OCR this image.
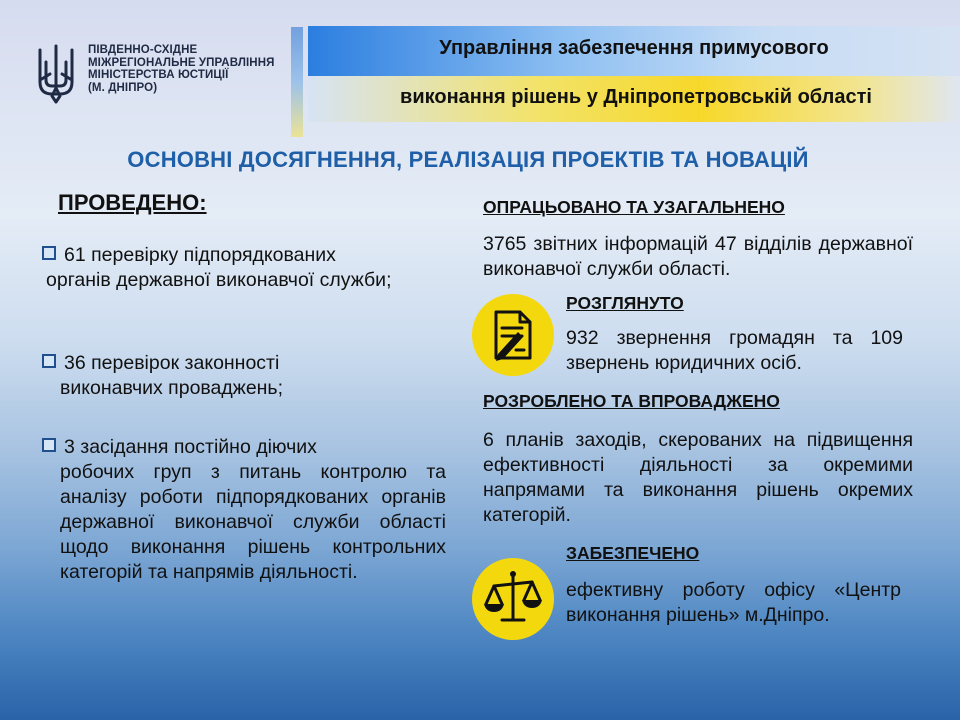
ПІВДЕННО-СХІДНЕ
МІЖРЕГІОНАЛЬНЕ УПРАВЛІННЯ
МІНІСТЕРСТВА ЮСТИЦІЇ
(М. ДНІПРО)
Управління забезпечення примусового
виконання рішень у Дніпропетровській області
ОСНОВНІ ДОСЯГНЕННЯ, РЕАЛІЗАЦІЯ ПРОЕКТІВ ТА НОВАЦІЙ
ПРОВЕДЕНО:
61 перевірку підпорядкованих
органів державної виконавчої служби;
36 перевірок законності
виконавчих проваджень;
3 засідання постійно діючих
робочих груп з питань контролю та аналізу роботи підпорядкованих органів державної виконавчої служби області щодо виконання рішень контрольних категорій та напрямів діяльності.
ОПРАЦЬОВАНО ТА УЗАГАЛЬНЕНО
3765 звітних інформацій 47 відділів державної виконавчої служби області.
РОЗГЛЯНУТО
932 звернення громадян та 109 звернень юридичних осіб.
РОЗРОБЛЕНО ТА ВПРОВАДЖЕНО
6 планів заходів, скерованих на підвищення ефективності діяльності за окремими напрямами та виконання рішень окремих категорій.
ЗАБЕЗПЕЧЕНО
ефективну роботу офісу «Центр виконання рішень» м.Дніпро.
